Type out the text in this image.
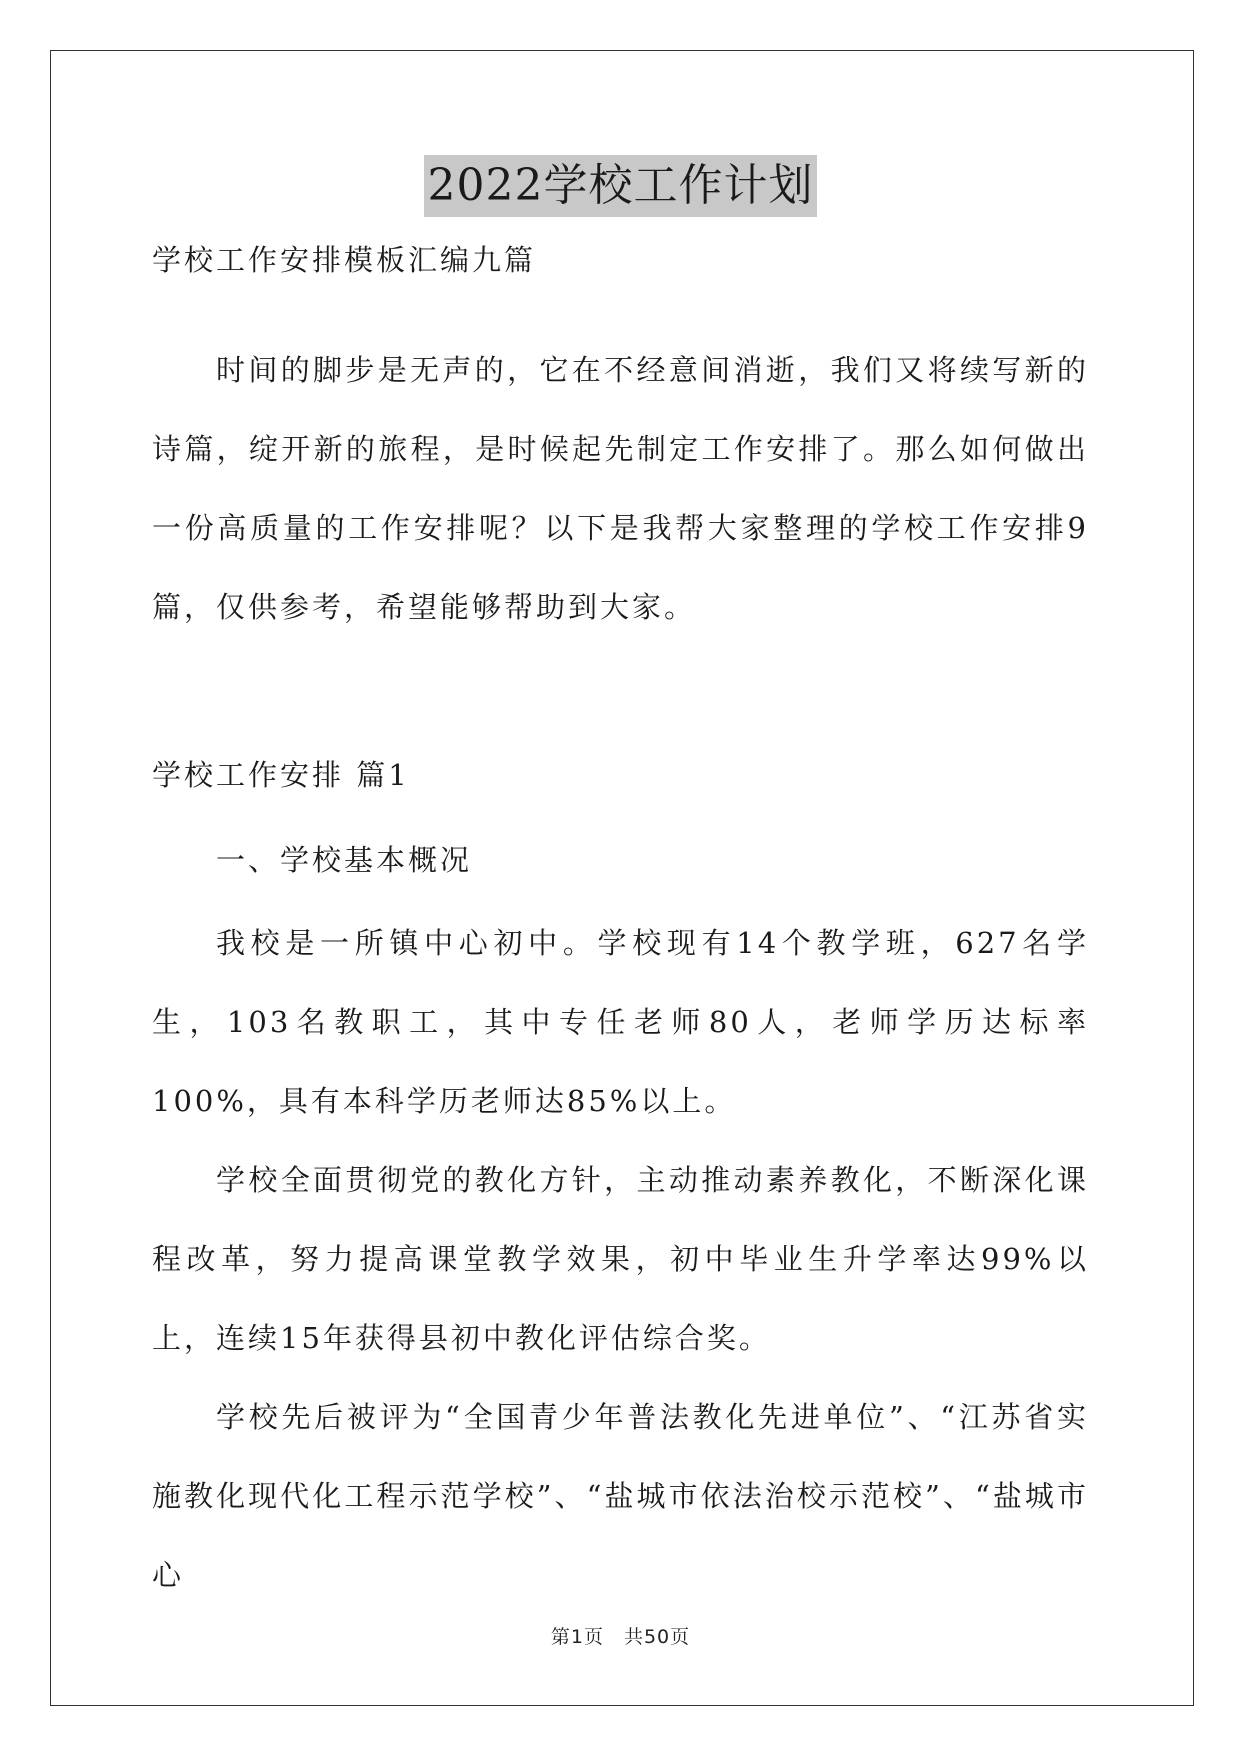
2022学校工作计划
学校工作安排模板汇编九篇
时间的脚步是无声的，它在不经意间消逝，我们又将续写新的诗篇，绽开新的旅程，是时候起先制定工作安排了。那么如何做出一份高质量的工作安排呢？以下是我帮大家整理的学校工作安排9篇，仅供参考，希望能够帮助到大家。
学校工作安排 篇1
一、学校基本概况
我校是一所镇中心初中。学校现有14个教学班，627名学生，103名教职工，其中专任老师80人，老师学历达标率100%，具有本科学历老师达85%以上。
学校全面贯彻党的教化方针，主动推动素养教化，不断深化课程改革，努力提高课堂教学效果，初中毕业生升学率达99%以上，连续15年获得县初中教化评估综合奖。
学校先后被评为“全国青少年普法教化先进单位”、“江苏省实施教化现代化工程示范学校”、“盐城市依法治校示范校”、“盐城市心
第1页　共50页
